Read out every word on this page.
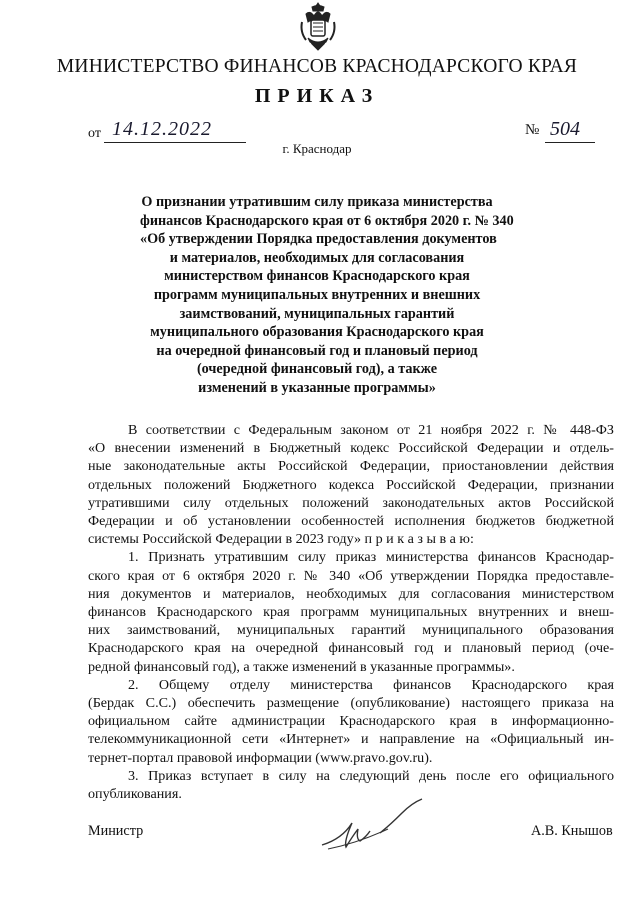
МИНИСТЕРСТВО ФИНАНСОВ КРАСНОДАРСКОГО КРАЯ
ПРИКАЗ
от 14.12.2022	№ 504
г. Краснодар
О признании утратившим силу приказа министерства
финансов Краснодарского края от 6 октября 2020 г. № 340
«Об утверждении Порядка предоставления документов
и материалов, необходимых для согласования
министерством финансов Краснодарского края
программ муниципальных внутренних и внешних
заимствований, муниципальных гарантий
муниципального образования Краснодарского края
на очередной финансовый год и плановый период
(очередной финансовый год), а также
изменений в указанные программы»
В соответствии с Федеральным законом от 21 ноября 2022 г. № 448-ФЗ
«О внесении изменений в Бюджетный кодекс Российской Федерации и отдель-
ные законодательные акты Российской Федерации, приостановлении действия
отдельных положений Бюджетного кодекса Российской Федерации, признании
утратившими силу отдельных положений законодательных актов Российской
Федерации и об установлении особенностей исполнения бюджетов бюджетной
системы Российской Федерации в 2023 году» п р и к а з ы в а ю:
1. Признать утратившим силу приказ министерства финансов Краснодар-
ского края от 6 октября 2020 г. № 340 «Об утверждении Порядка предоставле-
ния документов и материалов, необходимых для согласования министерством
финансов Краснодарского края программ муниципальных внутренних и внеш-
них заимствований, муниципальных гарантий муниципального образования
Краснодарского края на очередной финансовый год и плановый период (оче-
редной финансовый год), а также изменений в указанные программы».
2. Общему отделу министерства финансов Краснодарского края
(Бердак С.С.) обеспечить размещение (опубликование) настоящего приказа на
официальном сайте администрации Краснодарского края в информационно-
телекоммуникационной сети «Интернет» и направление на «Официальный ин-
тернет-портал правовой информации (www.pravo.gov.ru).
3. Приказ вступает в силу на следующий день после его официального
опубликования.
Министр	А.В. Кнышов
